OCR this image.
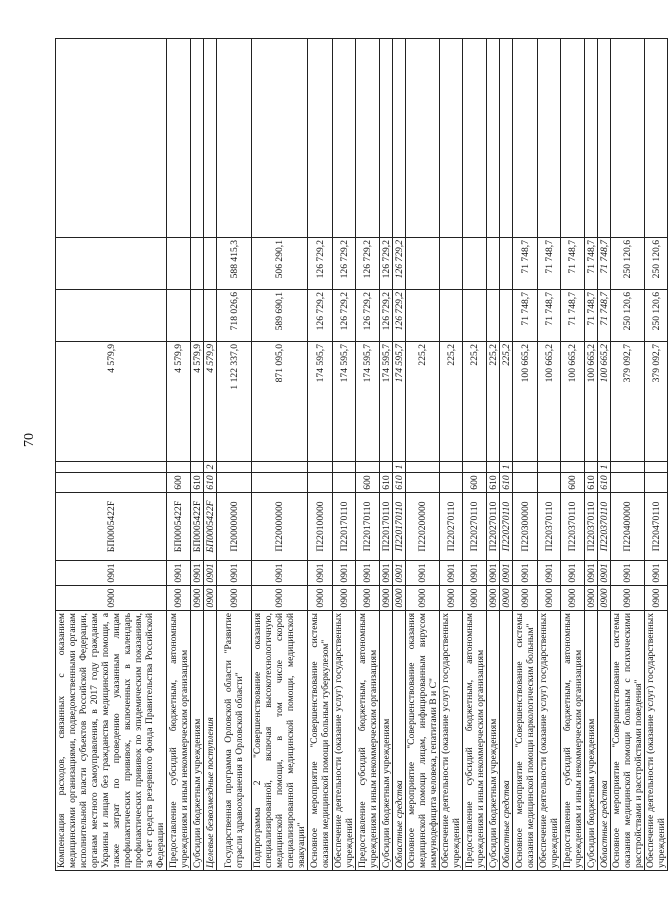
70
Компенсация расходов, связанных с оказанием медицинскими организациями, подведомственными органам исполнительной власти субъектов Российской Федерации, органам местного самоуправления, в 2017 году гражданам Украины и лицам без гражданства медицинской помощи, а также затрат по проведению указанным лицам профилактических прививок, включенных в календарь профилактических прививок по эпидемическим показаниям, за счет средств резервного фонда Правительства Российской Федерации	0900	0901	БП0005422F			4 579,9			
Предоставление субсидий бюджетным, автономным учреждениям и иным некоммерческим организациям	0900	0901	БП0005422F	600		4 579,9			
Субсидии бюджетным учреждениям	0900	0901	БП0005422F	610		4 579,9			
Целевые безвозмездные поступления	0900	0901	БП0005422F	610	2	4 579,9			
Государственная программа Орловской области "Развитие отрасли здравоохранения в Орловской области"	0900	0901	П200000000			1 122 337,0	718 026,6	588 415,3	
Подпрограмма 2 "Совершенствование оказания специализированной, включая высокотехнологичную, медицинской помощи, в том числе скорой специализированной медицинской помощи, медицинской эвакуации"	0900	0901	П220000000			871 095,0	589 690,1	506 290,1	
Основное мероприятие "Совершенствование системы оказания медицинской помощи больным туберкулезом"	0900	0901	П220100000			174 595,7	126 729,2	126 729,2	
Обеспечение деятельности (оказание услуг) государственных учреждений	0900	0901	П220170110			174 595,7	126 729,2	126 729,2	
Предоставление субсидий бюджетным, автономным учреждениям и иным некоммерческим организациям	0900	0901	П220170110	600		174 595,7	126 729,2	126 729,2	
Субсидии бюджетным учреждениям	0900	0901	П220170110	610		174 595,7	126 729,2	126 729,2	
Областные средства	0900	0901	П220170110	610	1	174 595,7	126 729,2	126 729,2	
Основное мероприятие "Совершенствование оказания медицинской помощи лицам, инфицированным вирусом иммунодефицита человека, гепатитами В и С"	0900	0901	П220200000			225,2			
Обеспечение деятельности (оказание услуг) государственных учреждений	0900	0901	П220270110			225,2			
Предоставление субсидий бюджетным, автономным учреждениям и иным некоммерческим организациям	0900	0901	П220270110	600		225,2			
Субсидии бюджетным учреждениям	0900	0901	П220270110	610		225,2			
Областные средства	0900	0901	П220270110	610	1	225,2			
Основное мероприятие "Совершенствование системы оказания медицинской помощи наркологическим больным"	0900	0901	П220300000			100 665,2	71 748,7	71 748,7	
Обеспечение деятельности (оказание услуг) государственных учреждений	0900	0901	П220370110			100 665,2	71 748,7	71 748,7	
Предоставление субсидий бюджетным, автономным учреждениям и иным некоммерческим организациям	0900	0901	П220370110	600		100 665,2	71 748,7	71 748,7	
Субсидии бюджетным учреждениям	0900	0901	П220370110	610		100 665,2	71 748,7	71 748,7	
Областные средства	0900	0901	П220370110	610	1	100 665,2	71 748,7	71 748,7	
Основное мероприятие "Совершенствование системы оказания медицинской помощи больным с психическими расстройствами и расстройствами поведения"	0900	0901	П220400000			379 092,7	250 120,6	250 120,6	
Обеспечение деятельности (оказание услуг) государственных учреждений	0900	0901	П220470110			379 092,7	250 120,6	250 120,6	
